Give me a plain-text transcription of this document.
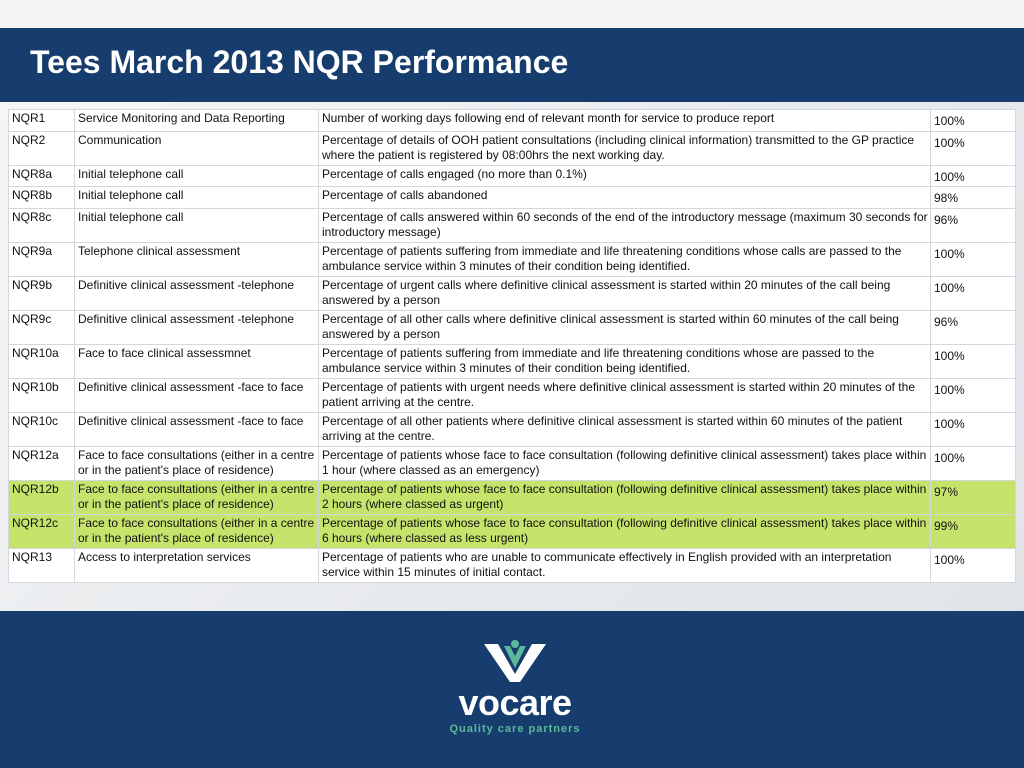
Tees March 2013 NQR Performance
NQR1	Service Monitoring and Data Reporting	Number of working days following end of relevant month for service to produce report	100%
NQR2	Communication	Percentage of details of OOH patient consultations (including clinical information) transmitted to the GP practice where the patient is registered by 08:00hrs the next working day.	100%
NQR8a	Initial telephone call	Percentage of calls engaged (no more than 0.1%)	100%
NQR8b	Initial telephone call	Percentage of calls abandoned	98%
NQR8c	Initial telephone call	Percentage of calls answered within 60 seconds of the end of the introductory message (maximum 30 seconds for introductory message)	96%
NQR9a	Telephone clinical assessment	Percentage of patients suffering from immediate and life threatening conditions whose calls are passed to the ambulance service within 3 minutes of their condition being identified.	100%
NQR9b	Definitive clinical assessment -telephone	Percentage of urgent calls where definitive clinical assessment is started within 20 minutes of the call being answered by a person	100%
NQR9c	Definitive clinical assessment -telephone	Percentage of all other calls where definitive clinical assessment is started within 60 minutes of the call being answered by a person	96%
NQR10a	Face to face clinical assessmnet	Percentage of patients suffering from immediate and life threatening conditions whose are passed to the ambulance service within 3 minutes of their condition being identified.	100%
NQR10b	Definitive clinical assessment -face to face	Percentage of patients with urgent needs where definitive clinical assessment is started within 20 minutes of the patient arriving at the centre.	100%
NQR10c	Definitive clinical assessment -face to face	Percentage of all other patients where definitive clinical assessment is started within 60 minutes of the patient arriving at the centre.	100%
NQR12a	Face to face consultations (either in a centre or in the patient's place of residence)	Percentage of patients whose face to face consultation (following definitive clinical assessment) takes place within 1 hour (where classed as an emergency)	100%
NQR12b	Face to face consultations (either in a centre or in the patient's place of residence)	Percentage of patients whose face to face consultation (following definitive clinical assessment) takes place within 2 hours (where classed as urgent)	97%
NQR12c	Face to face consultations (either in a centre or in the patient's place of residence)	Percentage of patients whose face to face consultation (following definitive clinical assessment) takes place within 6 hours (where classed as less urgent)	99%
NQR13	Access to interpretation services	Percentage of patients who are unable to communicate effectively in English provided with an interpretation service within 15 minutes of initial contact.	100%
vocare
Quality care partners
